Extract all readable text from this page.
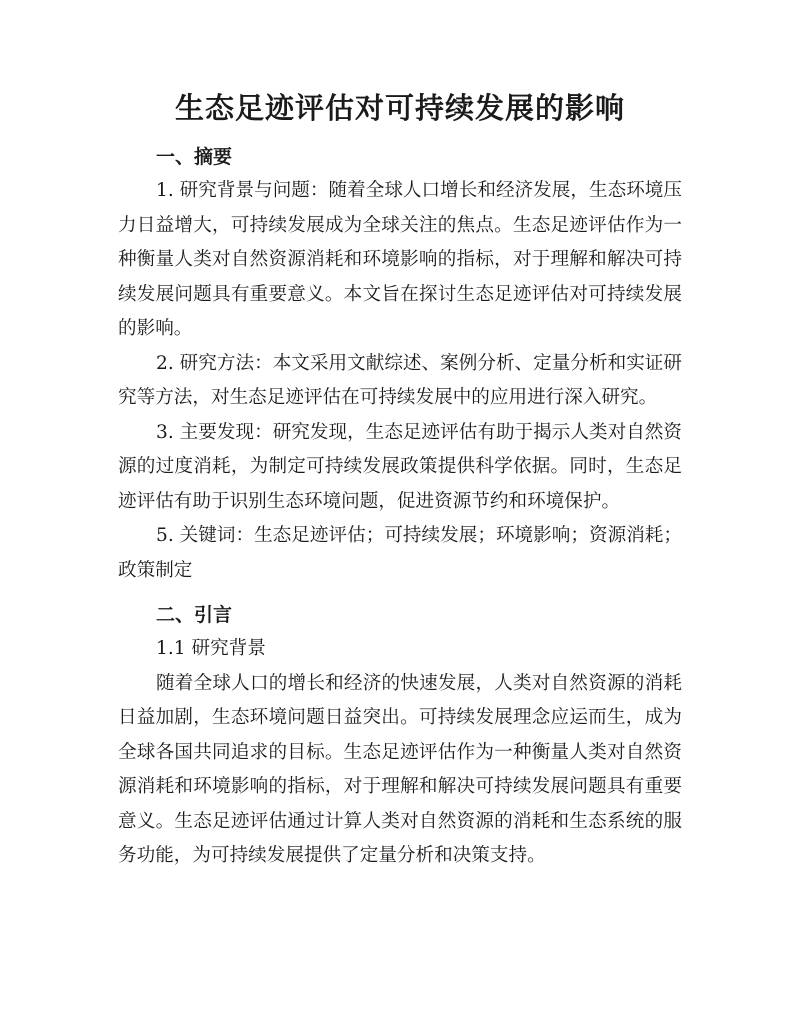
生态足迹评估对可持续发展的影响
一、摘要

1. 研究背景与问题：随着全球人口增长和经济发展，生态环境压力日益增大，可持续发展成为全球关注的焦点。生态足迹评估作为一种衡量人类对自然资源消耗和环境影响的指标，对于理解和解决可持续发展问题具有重要意义。本文旨在探讨生态足迹评估对可持续发展的影响。

2. 研究方法：本文采用文献综述、案例分析、定量分析和实证研究等方法，对生态足迹评估在可持续发展中的应用进行深入研究。

3. 主要发现：研究发现，生态足迹评估有助于揭示人类对自然资源的过度消耗，为制定可持续发展政策提供科学依据。同时，生态足迹评估有助于识别生态环境问题，促进资源节约和环境保护。

5. 关键词：生态足迹评估；可持续发展；环境影响；资源消耗；政策制定

二、引言

1.1 研究背景

随着全球人口的增长和经济的快速发展，人类对自然资源的消耗日益加剧，生态环境问题日益突出。可持续发展理念应运而生，成为全球各国共同追求的目标。生态足迹评估作为一种衡量人类对自然资源消耗和环境影响的指标，对于理解和解决可持续发展问题具有重要意义。生态足迹评估通过计算人类对自然资源的消耗和生态系统的服务功能，为可持续发展提供了定量分析和决策支持。
